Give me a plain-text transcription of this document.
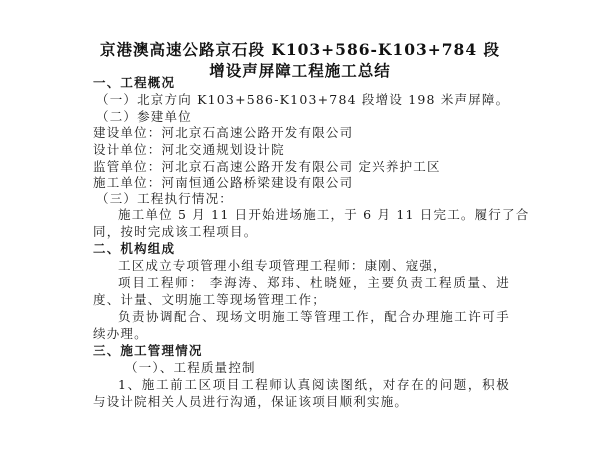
京港澳高速公路京石段 K103+586-K103+784 段
增设声屏障工程施工总结
一、工程概况
（一）北京方向 K103+586-K103+784 段增设 198 米声屏障。
（二）参建单位
建设单位：河北京石高速公路开发有限公司
设计单位：河北交通规划设计院
监管单位：河北京石高速公路开发有限公司 定兴养护工区
施工单位：河南恒通公路桥梁建设有限公司
（三）工程执行情况：
施工单位 5 月 11 日开始进场施工，于 6 月 11 日完工。履行了合
同，按时完成该工程项目。
二、机构组成
工区成立专项管理小组专项管理工程师：康刚、寇强，
项目工程师： 李海涛、郑玮、杜晓娅，主要负责工程质量、进
度、计量、文明施工等现场管理工作；
负责协调配合、现场文明施工等管理工作，配合办理施工许可手
续办理。
三、施工管理情况
（一）、工程质量控制
1、施工前工区项目工程师认真阅读图纸，对存在的问题，积极
与设计院相关人员进行沟通，保证该项目顺利实施。
